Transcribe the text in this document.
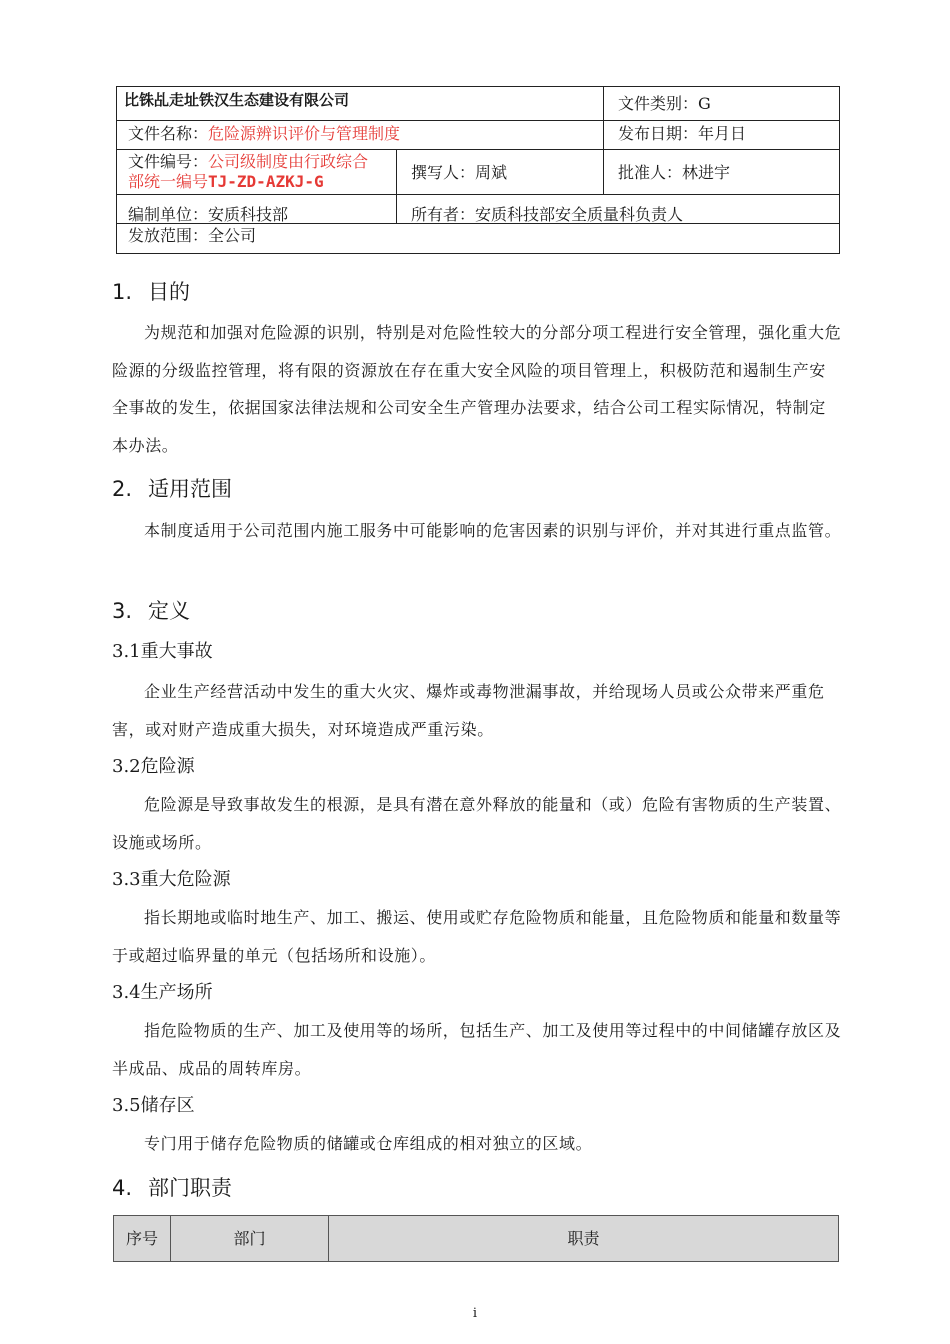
比铢乩走址铁汉生态建设有限公司	文件类别：G
文件名称：危险源辨识评价与管理制度	发布日期：年月日
文件编号：公司级制度由行政综合
部统一编号TJ-ZD-AZKJ-G	撰写人：周斌	批准人：林进宇
编制单位：安质科技部	所有者：安质科技部安全质量科负责人
发放范围：全公司
1. 目的

为规范和加强对危险源的识别，特别是对危险性较大的分部分项工程进行安全管理，强化重大危险源的分级监控管理，将有限的资源放在存在重大安全风险的项目管理上，积极防范和遏制生产安全事故的发生，依据国家法律法规和公司安全生产管理办法要求，结合公司工程实际情况，特制定本办法。

2. 适用范围

本制度适用于公司范围内施工服务中可能影响的危害因素的识别与评价，并对其进行重点监管。

3. 定义
3.1重大事故

企业生产经营活动中发生的重大火灾、爆炸或毒物泄漏事故，并给现场人员或公众带来严重危害，或对财产造成重大损失，对环境造成严重污染。

3.2危险源

危险源是导致事故发生的根源，是具有潜在意外释放的能量和（或）危险有害物质的生产装置、设施或场所。

3.3重大危险源

指长期地或临时地生产、加工、搬运、使用或贮存危险物质和能量，且危险物质和能量和数量等于或超过临界量的单元（包括场所和设施）。

3.4生产场所

指危险物质的生产、加工及使用等的场所，包括生产、加工及使用等过程中的中间储罐存放区及半成品、成品的周转库房。

3.5储存区

专门用于储存危险物质的储罐或仓库组成的相对独立的区域。

4. 部门职责
序号	部门	职责
i
